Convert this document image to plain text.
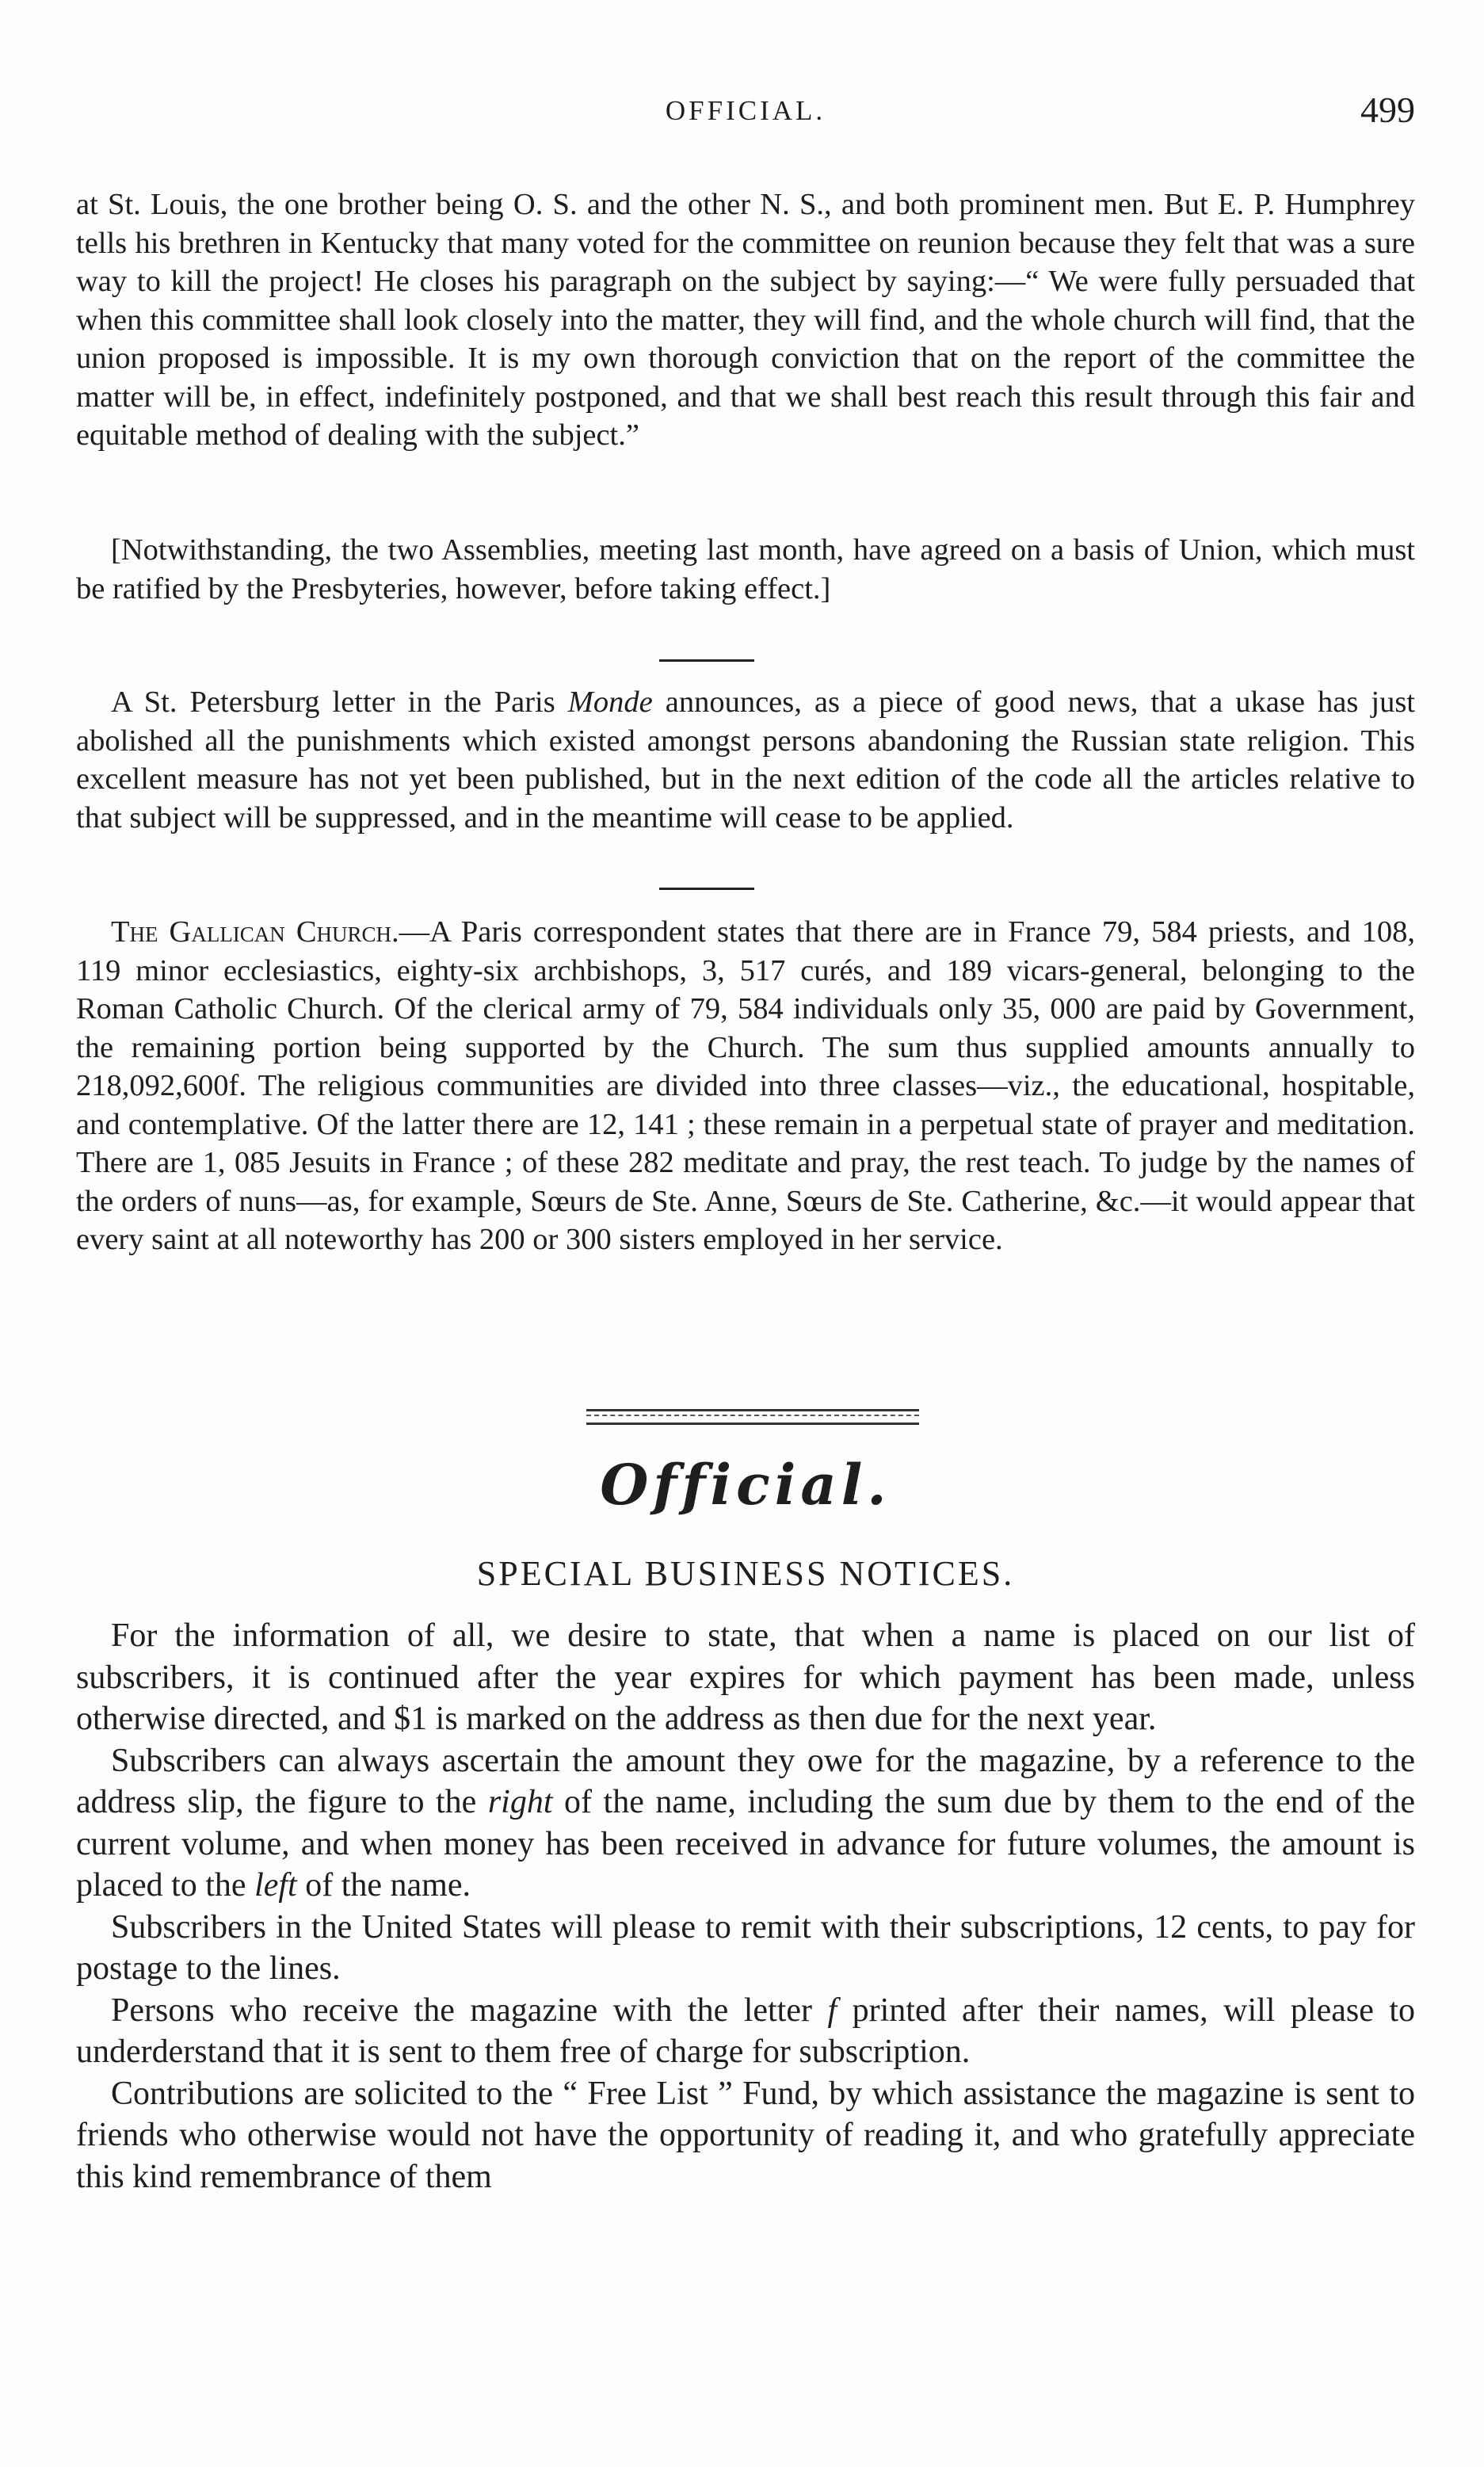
OFFICIAL.	499

at St. Louis, the one brother being O. S. and the other N. S., and both prominent men. But E. P. Humphrey tells his brethren in Kentucky that many voted for the committee on reunion because they felt that was a sure way to kill the project! He closes his paragraph on the subject by saying:—“ We were fully persuaded that when this committee shall look closely into the matter, they will find, and the whole church will find, that the union proposed is impossible. It is my own thorough conviction that on the report of the committee the matter will be, in effect, indefinitely postponed, and that we shall best reach this result through this fair and equitable method of dealing with the subject.”

[Notwithstanding, the two Assemblies, meeting last month, have agreed on a basis of Union, which must be ratified by the Presbyteries, however, before taking effect.]

A St. Petersburg letter in the Paris Monde announces, as a piece of good news, that a ukase has just abolished all the punishments which existed amongst persons abandoning the Russian state religion. This excellent measure has not yet been published, but in the next edition of the code all the articles relative to that subject will be suppressed, and in the meantime will cease to be applied.

The Gallican Church.—A Paris correspondent states that there are in France 79, 584 priests, and 108, 119 minor ecclesiastics, eighty-six archbishops, 3, 517 curés, and 189 vicars-general, belonging to the Roman Catholic Church. Of the clerical army of 79, 584 individuals only 35, 000 are paid by Government, the remaining portion being supported by the Church. The sum thus supplied amounts annually to 218,092,600f. The religious communities are divided into three classes—viz., the educational, hospitable, and contemplative. Of the latter there are 12, 141 ; these remain in a perpetual state of prayer and meditation. There are 1, 085 Jesuits in France ; of these 282 meditate and pray, the rest teach. To judge by the names of the orders of nuns—as, for example, Sœurs de Ste. Anne, Sœurs de Ste. Catherine, &c.—it would appear that every saint at all noteworthy has 200 or 300 sisters employed in her service.

Official.
SPECIAL BUSINESS NOTICES.

For the information of all, we desire to state, that when a name is placed on our list of subscribers, it is continued after the year expires for which payment has been made, unless otherwise directed, and $1 is marked on the address as then due for the next year.

Subscribers can always ascertain the amount they owe for the magazine, by a reference to the address slip, the figure to the right of the name, including the sum due by them to the end of the current volume, and when money has been received in advance for future volumes, the amount is placed to the left of the name.

Subscribers in the United States will please to remit with their subscriptions, 12 cents, to pay for postage to the lines.

Persons who receive the magazine with the letter f printed after their names, will please to underderstand that it is sent to them free of charge for subscription.

Contributions are solicited to the “ Free List ” Fund, by which assistance the magazine is sent to friends who otherwise would not have the opportunity of reading it, and who gratefully appreciate this kind remembrance of them
